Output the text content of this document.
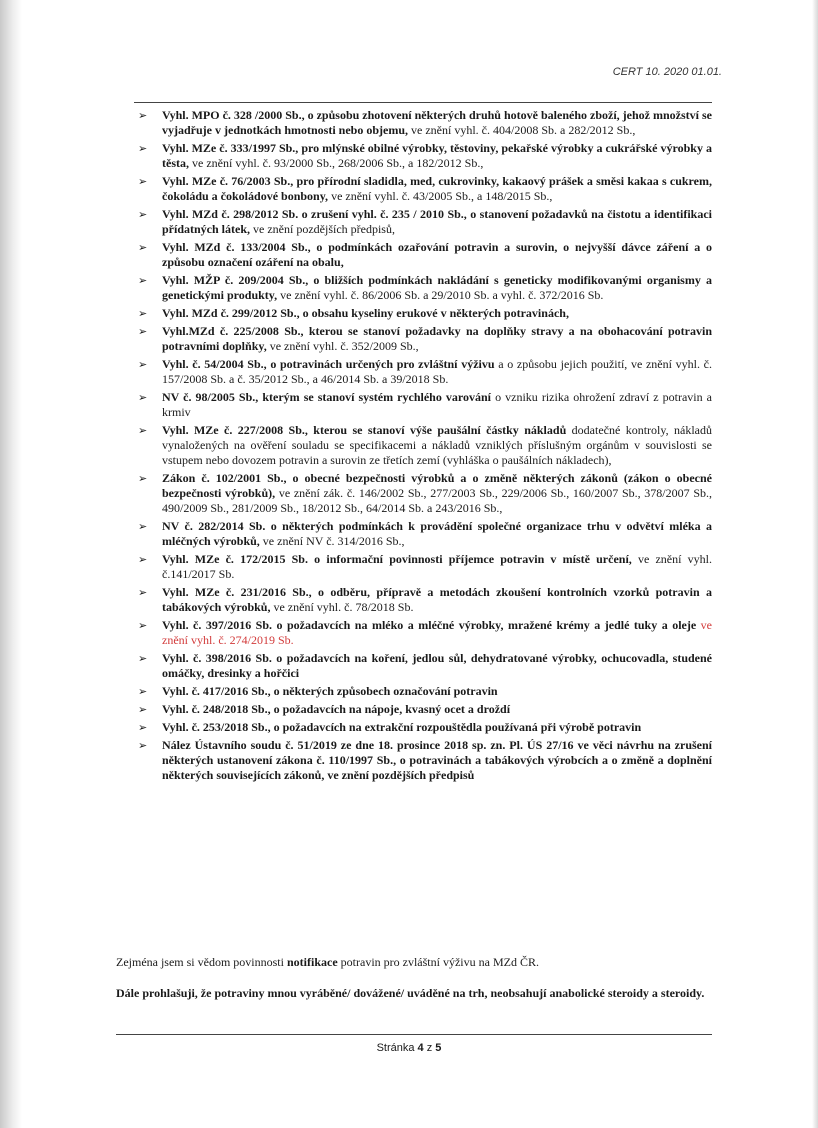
CERT 10. 2020 01.01.
➢ Vyhl. MPO č. 328 /2000 Sb., o způsobu zhotovení některých druhů hotově baleného zboží, jehož množství se vyjadřuje v jednotkách hmotnosti nebo objemu, ve znění vyhl. č. 404/2008 Sb. a 282/2012 Sb.,
➢ Vyhl. MZe č. 333/1997 Sb., pro mlýnské obilné výrobky, těstoviny, pekařské výrobky a cukrářské výrobky a těsta, ve znění vyhl. č. 93/2000 Sb., 268/2006 Sb., a 182/2012 Sb.,
➢ Vyhl. MZe č. 76/2003 Sb., pro přírodní sladidla, med, cukrovinky, kakaový prášek a směsi kakaa s cukrem, čokoládu a čokoládové bonbony, ve znění vyhl. č. 43/2005 Sb., a 148/2015 Sb.,
➢ Vyhl. MZd č. 298/2012 Sb. o zrušení vyhl. č. 235 / 2010 Sb., o stanovení požadavků na čistotu a identifikaci přídatných látek, ve znění pozdějších předpisů,
➢ Vyhl. MZd č. 133/2004 Sb., o podmínkách ozařování potravin a surovin, o nejvyšší dávce záření a o způsobu označení ozáření na obalu,
➢ Vyhl. MŽP č. 209/2004 Sb., o bližších podmínkách nakládání s geneticky modifikovanými organismy a genetickými produkty, ve znění vyhl. č. 86/2006 Sb. a 29/2010 Sb. a vyhl. č. 372/2016 Sb.
➢ Vyhl. MZd č. 299/2012 Sb., o obsahu kyseliny erukové v některých potravinách,
➢ Vyhl.MZd č. 225/2008 Sb., kterou se stanoví požadavky na doplňky stravy a na obohacování potravin potravními doplňky, ve znění vyhl. č. 352/2009 Sb.,
➢ Vyhl. č. 54/2004 Sb., o potravinách určených pro zvláštní výživu a o způsobu jejich použití, ve znění vyhl. č. 157/2008 Sb. a č. 35/2012 Sb., a 46/2014 Sb. a 39/2018 Sb.
➢ NV č. 98/2005 Sb., kterým se stanoví systém rychlého varování o vzniku rizika ohrožení zdraví z potravin a krmiv
➢ Vyhl. MZe č. 227/2008 Sb., kterou se stanoví výše paušální částky nákladů dodatečné kontroly, nákladů vynaložených na ověření souladu se specifikacemi a nákladů vzniklých příslušným orgánům v souvislosti se vstupem nebo dovozem potravin a surovin ze třetích zemí (vyhláška o paušálních nákladech),
➢ Zákon č. 102/2001 Sb., o obecné bezpečnosti výrobků a o změně některých zákonů (zákon o obecné bezpečnosti výrobků), ve znění zák. č. 146/2002 Sb., 277/2003 Sb., 229/2006 Sb., 160/2007 Sb., 378/2007 Sb., 490/2009 Sb., 281/2009 Sb., 18/2012 Sb., 64/2014 Sb. a 243/2016 Sb.,
➢ NV č. 282/2014 Sb. o některých podmínkách k provádění společné organizace trhu v odvětví mléka a mléčných výrobků, ve znění NV č. 314/2016 Sb.,
➢ Vyhl. MZe č. 172/2015 Sb. o informační povinnosti příjemce potravin v místě určení, ve znění vyhl. č.141/2017 Sb.
➢ Vyhl. MZe č. 231/2016 Sb., o odběru, přípravě a metodách zkoušení kontrolních vzorků potravin a tabákových výrobků, ve znění vyhl. č. 78/2018 Sb.
➢ Vyhl. č. 397/2016 Sb. o požadavcích na mléko a mléčné výrobky, mražené krémy a jedlé tuky a oleje ve znění vyhl. č. 274/2019 Sb.
➢ Vyhl. č. 398/2016 Sb. o požadavcích na koření, jedlou sůl, dehydratované výrobky, ochucovadla, studené omáčky, dresinky a hořčici
➢ Vyhl. č. 417/2016 Sb., o některých způsobech označování potravin
➢ Vyhl. č. 248/2018 Sb., o požadavcích na nápoje, kvasný ocet a droždí
➢ Vyhl. č. 253/2018 Sb., o požadavcích na extrakční rozpouštědla používaná při výrobě potravin
➢ Nález Ústavního soudu č. 51/2019 ze dne 18. prosince 2018 sp. zn. Pl. ÚS 27/16 ve věci návrhu na zrušení některých ustanovení zákona č. 110/1997 Sb., o potravinách a tabákových výrobcích a o změně a doplnění některých souvisejících zákonů, ve znění pozdějších předpisů
Zejména jsem si vědom povinnosti notifikace potravin pro zvláštní výživu na MZd ČR.
Dále prohlašuji, že potraviny mnou vyráběné/ dovážené/ uváděné na trh, neobsahují anabolické steroidy a steroidy.
Stránka 4 z 5
